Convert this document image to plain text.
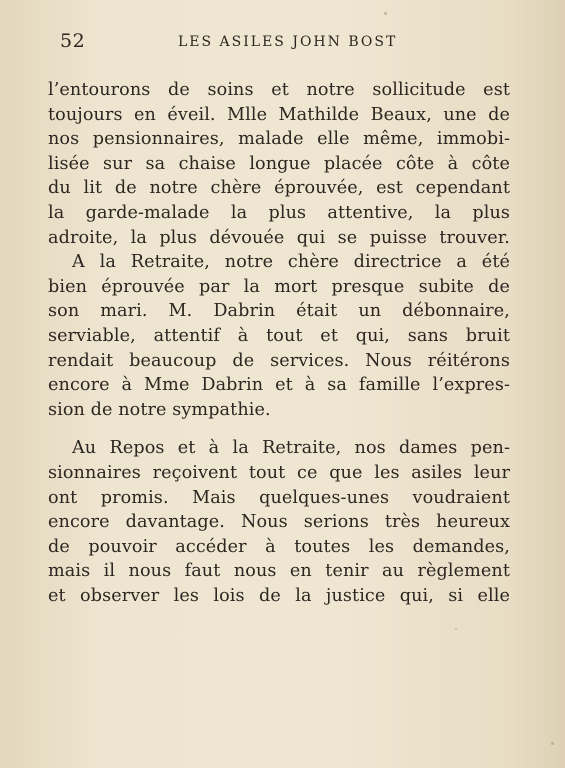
52	LES ASILES JOHN BOST
l’entourons de soins et notre sollicitude est
toujours en éveil. Mlle Mathilde Beaux, une de
nos pensionnaires, malade elle même, immobi-
lisée sur sa chaise longue placée côte à côte
du lit de notre chère éprouvée, est cependant
la garde-malade la plus attentive, la plus
adroite, la plus dévouée qui se puisse trouver.
A la Retraite, notre chère directrice a été
bien éprouvée par la mort presque subite de
son mari. M. Dabrin était un débonnaire,
serviable, attentif à tout et qui, sans bruit
rendait beaucoup de services. Nous réitérons
encore à Mme Dabrin et à sa famille l’expres-
sion de notre sympathie.
Au Repos et à la Retraite, nos dames pen-
sionnaires reçoivent tout ce que les asiles leur
ont promis. Mais quelques-unes voudraient
encore davantage. Nous serions très heureux
de pouvoir accéder à toutes les demandes,
mais il nous faut nous en tenir au règlement
et observer les lois de la justice qui, si elle
